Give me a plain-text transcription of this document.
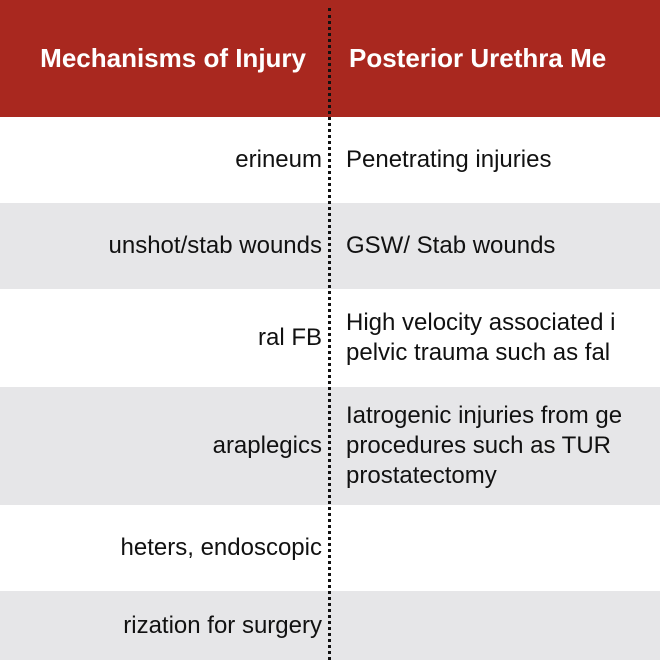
Mechanisms of Injury	Posterior Urethra Me
erineum Penetrating injuries
unshot/stab wounds GSW/ Stab wounds
ral FB
High velocity associated i
pelvic trauma such as fal
araplegics
Iatrogenic injuries from ge
procedures such as TUR
prostatectomy
heters, endoscopic
rization for surgery
